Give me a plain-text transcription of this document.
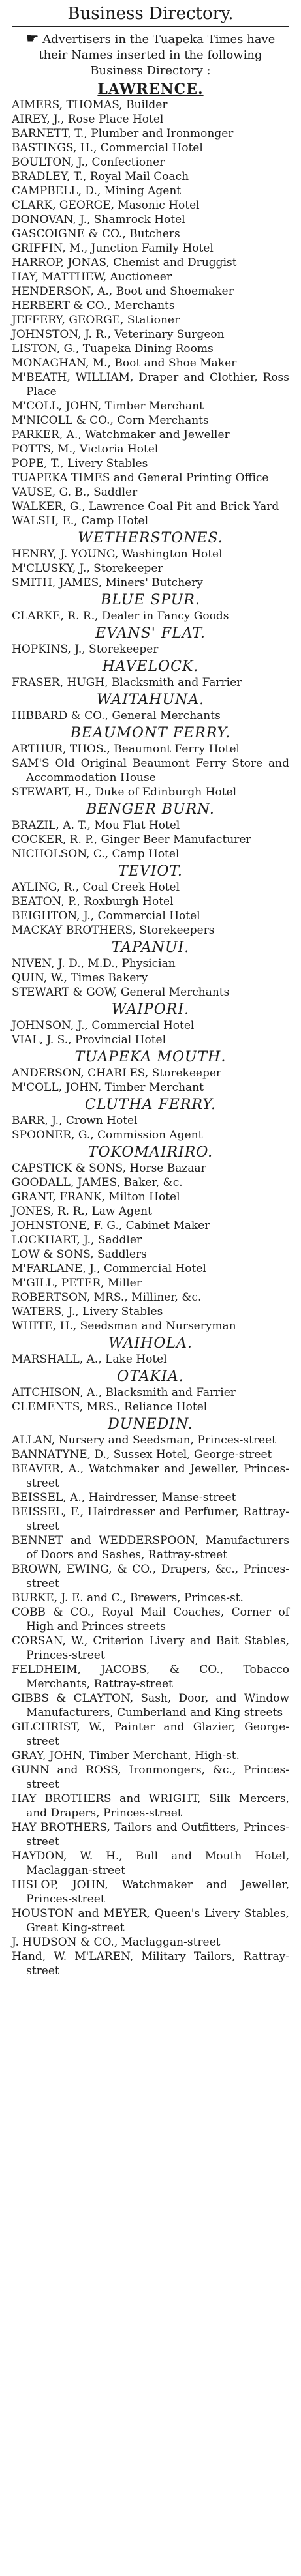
Business Directory.
☛ Advertisers in the Tuapeka Times have their Names inserted in the following Business Directory :
LAWRENCE.

AIMERS, THOMAS, Builder

AIREY, J., Rose Place Hotel

BARNETT, T., Plumber and Ironmonger

BASTINGS, H., Commercial Hotel

BOULTON, J., Confectioner

BRADLEY, T., Royal Mail Coach

CAMPBELL, D., Mining Agent

CLARK, GEORGE, Masonic Hotel

DONOVAN, J., Shamrock Hotel

GASCOIGNE & CO., Butchers

GRIFFIN, M., Junction Family Hotel

HARROP, JONAS, Chemist and Druggist

HAY, MATTHEW, Auctioneer

HENDERSON, A., Boot and Shoemaker

HERBERT & CO., Merchants

JEFFERY, GEORGE, Stationer

JOHNSTON, J. R., Veterinary Surgeon

LISTON, G., Tuapeka Dining Rooms

MONAGHAN, M., Boot and Shoe Maker

M'BEATH, WILLIAM, Draper and Clothier, Ross Place

M'COLL, JOHN, Timber Merchant

M'NICOLL & CO., Corn Merchants

PARKER, A., Watchmaker and Jeweller

POTTS, M., Victoria Hotel

POPE, T., Livery Stables

TUAPEKA TIMES and General Printing Office

VAUSE, G. B., Saddler

WALKER, G., Lawrence Coal Pit and Brick Yard

WALSH, E., Camp Hotel

WETHERSTONES.

HENRY, J. YOUNG, Washington Hotel

M'CLUSKY, J., Storekeeper

SMITH, JAMES, Miners' Butchery

BLUE SPUR.

CLARKE, R. R., Dealer in Fancy Goods

EVANS' FLAT.

HOPKINS, J., Storekeeper

HAVELOCK.

FRASER, HUGH, Blacksmith and Farrier

WAITAHUNA.

HIBBARD & CO., General Merchants

BEAUMONT FERRY.

ARTHUR, THOS., Beaumont Ferry Hotel

SAM'S Old Original Beaumont Ferry Store and Accommodation House

STEWART, H., Duke of Edinburgh Hotel

BENGER BURN.

BRAZIL, A. T., Mou Flat Hotel

COCKER, R. P., Ginger Beer Manufacturer

NICHOLSON, C., Camp Hotel

TEVIOT.

AYLING, R., Coal Creek Hotel

BEATON, P., Roxburgh Hotel

BEIGHTON, J., Commercial Hotel

MACKAY BROTHERS, Storekeepers

TAPANUI.

NIVEN, J. D., M.D., Physician

QUIN, W., Times Bakery

STEWART & GOW, General Merchants

WAIPORI.

JOHNSON, J., Commercial Hotel

VIAL, J. S., Provincial Hotel

TUAPEKA MOUTH.

ANDERSON, CHARLES, Storekeeper

M'COLL, JOHN, Timber Merchant

CLUTHA FERRY.

BARR, J., Crown Hotel

SPOONER, G., Commission Agent

TOKOMAIRIRO.

CAPSTICK & SONS, Horse Bazaar

GOODALL, JAMES, Baker, &c.

GRANT, FRANK, Milton Hotel

JONES, R. R., Law Agent

JOHNSTONE, F. G., Cabinet Maker

LOCKHART, J., Saddler

LOW & SONS, Saddlers

M'FARLANE, J., Commercial Hotel

M'GILL, PETER, Miller

ROBERTSON, MRS., Milliner, &c.

WATERS, J., Livery Stables

WHITE, H., Seedsman and Nurseryman

WAIHOLA.

MARSHALL, A., Lake Hotel

OTAKIA.

AITCHISON, A., Blacksmith and Farrier

CLEMENTS, MRS., Reliance Hotel

DUNEDIN.

ALLAN, Nursery and Seedsman, Princes-street

BANNATYNE, D., Sussex Hotel, George-street

BEAVER, A., Watchmaker and Jeweller, Princes-street

BEISSEL, A., Hairdresser, Manse-street

BEISSEL, F., Hairdresser and Perfumer, Rattray-street

BENNET and WEDDERSPOON, Manufacturers of Doors and Sashes, Rattray-street

BROWN, EWING, & CO., Drapers, &c., Princes-street

BURKE, J. E. and C., Brewers, Princes-st.

COBB & CO., Royal Mail Coaches, Corner of High and Princes streets

CORSAN, W., Criterion Livery and Bait Stables, Princes-street

FELDHEIM, JACOBS, & CO., Tobacco Merchants, Rattray-street

GIBBS & CLAYTON, Sash, Door, and Window Manufacturers, Cumberland and King streets

GILCHRIST, W., Painter and Glazier, George-street

GRAY, JOHN, Timber Merchant, High-st.

GUNN and ROSS, Ironmongers, &c., Princes-street

HAY BROTHERS and WRIGHT, Silk Mercers, and Drapers, Princes-street

HAY BROTHERS, Tailors and Outfitters, Princes-street

HAYDON, W. H., Bull and Mouth Hotel, Maclaggan-street

HISLOP, JOHN, Watchmaker and Jeweller, Princes-street

HOUSTON and MEYER, Queen's Livery Stables, Great King-street

J. HUDSON & CO., Maclaggan-street

Hand, W. M'LAREN, Military Tailors, Rattray-street
